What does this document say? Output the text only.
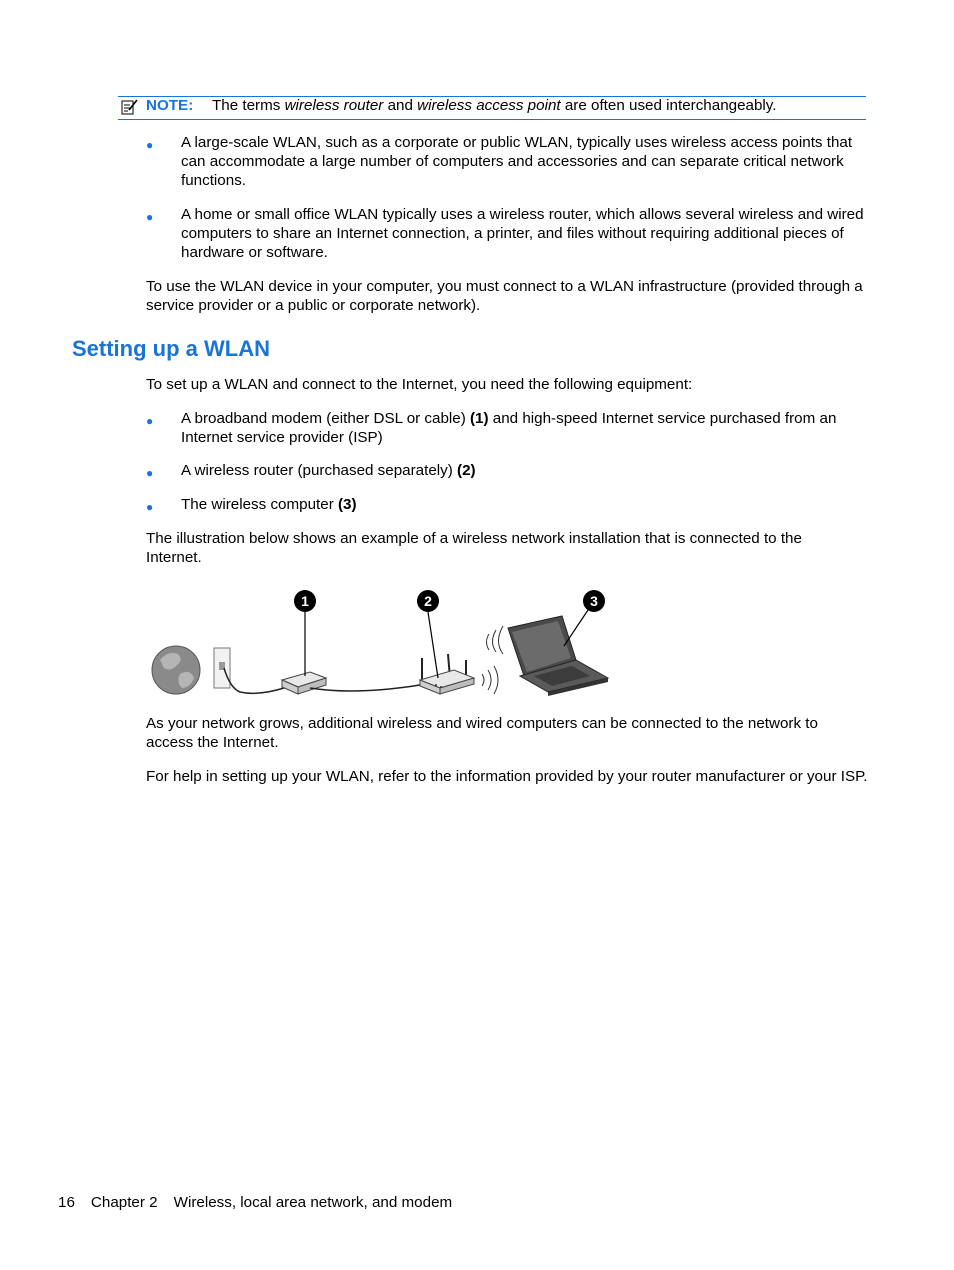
NOTE: The terms wireless router and wireless access point are often used interchangeably.
● A large-scale WLAN, such as a corporate or public WLAN, typically uses wireless access points that can accommodate a large number of computers and accessories and can separate critical network functions.
● A home or small office WLAN typically uses a wireless router, which allows several wireless and wired computers to share an Internet connection, a printer, and files without requiring additional pieces of hardware or software.
To use the WLAN device in your computer, you must connect to a WLAN infrastructure (provided through a service provider or a public or corporate network).
Setting up a WLAN
To set up a WLAN and connect to the Internet, you need the following equipment:
● A broadband modem (either DSL or cable) (1) and high-speed Internet service purchased from an Internet service provider (ISP)
● A wireless router (purchased separately) (2)
● The wireless computer (3)
The illustration below shows an example of a wireless network installation that is connected to the Internet.
1	2	3
As your network grows, additional wireless and wired computers can be connected to the network to access the Internet.
For help in setting up your WLAN, refer to the information provided by your router manufacturer or your ISP.
16 Chapter 2 Wireless, local area network, and modem
